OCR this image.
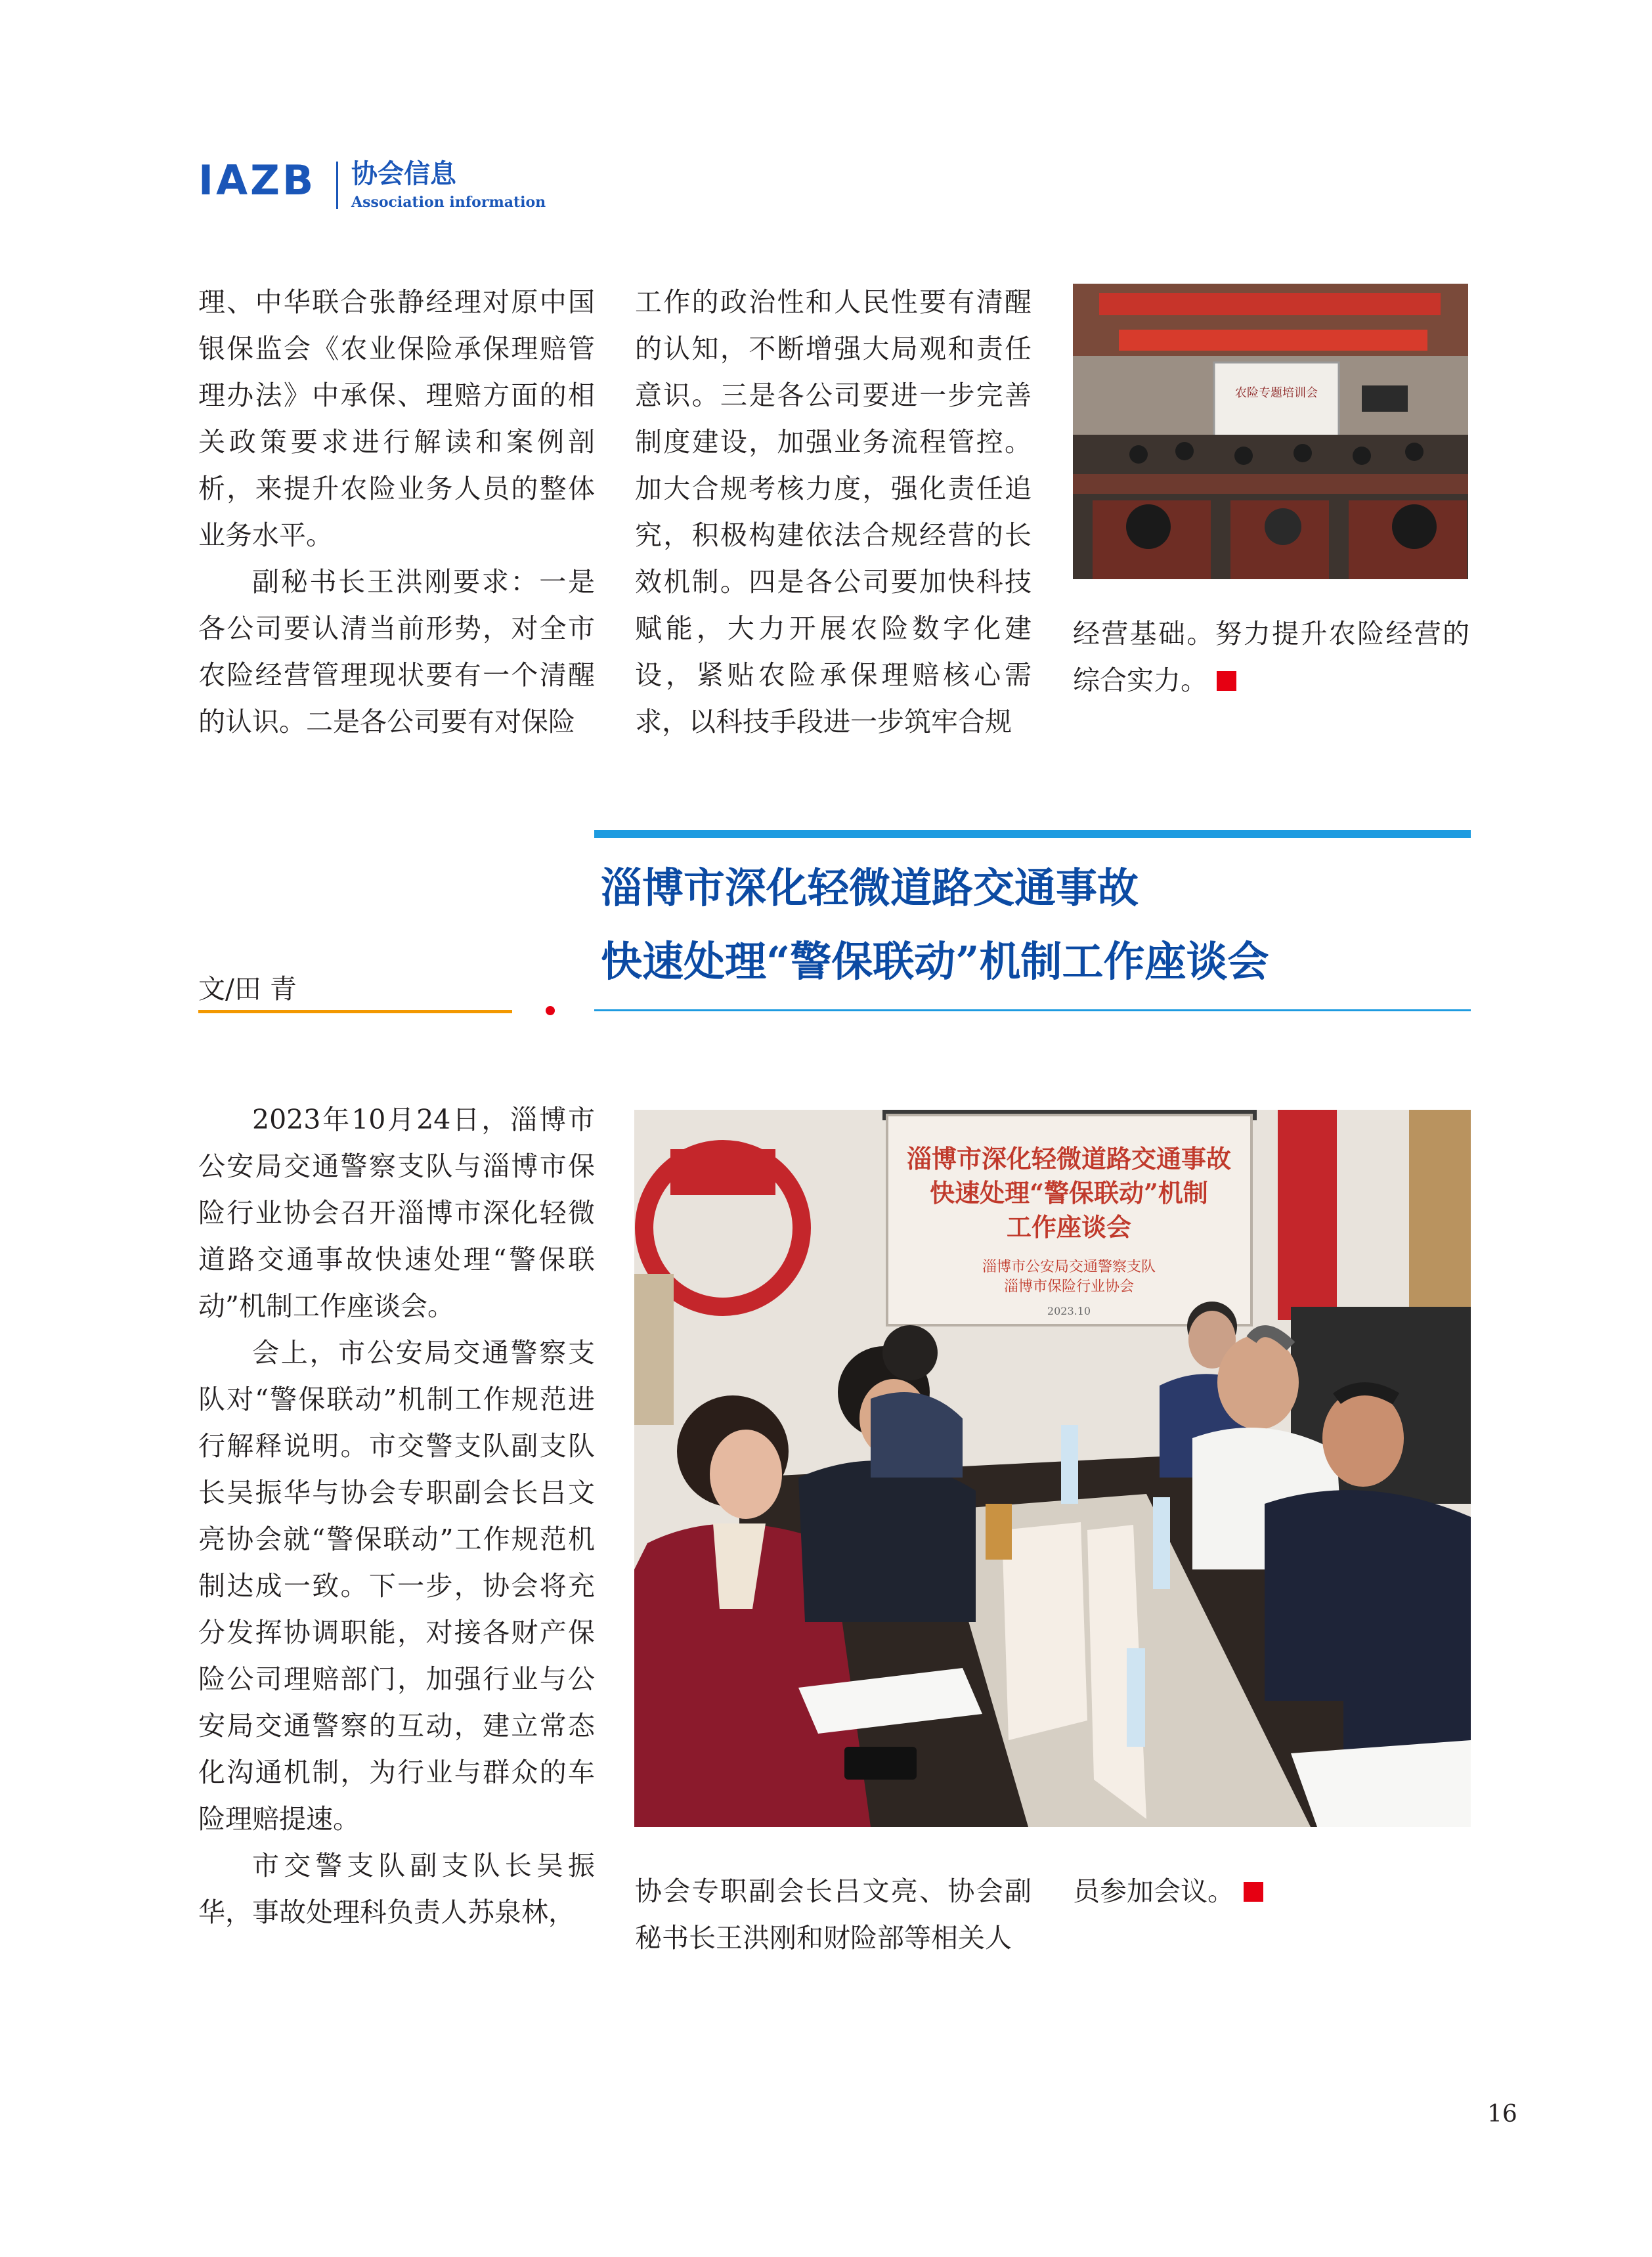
IAZB 协会信息
Association information

理、中华联合张静经理对原中国银保监会《农业保险承保理赔管理办法》中承保、理赔方面的相关政策要求进行解读和案例剖析，来提升农险业务人员的整体业务水平。

副秘书长王洪刚要求：一是各公司要认清当前形势，对全市农险经营管理现状要有一个清醒的认识。二是各公司要有对保险

工作的政治性和人民性要有清醒的认知，不断增强大局观和责任意识。三是各公司要进一步完善制度建设，加强业务流程管控。加大合规考核力度，强化责任追究，积极构建依法合规经营的长效机制。四是各公司要加快科技赋能，大力开展农险数字化建设，紧贴农险承保理赔核心需求，以科技手段进一步筑牢合规

农险专题培训会

经营基础。努力提升农险经营的综合实力。

淄博市深化轻微道路交通事故
快速处理“警保联动”机制工作座谈会
文/田 青

2023年10月24日，淄博市公安局交通警察支队与淄博市保险行业协会召开淄博市深化轻微道路交通事故快速处理“警保联动”机制工作座谈会。

会上，市公安局交通警察支队对“警保联动”机制工作规范进行解释说明。市交警支队副支队长吴振华与协会专职副会长吕文亮协会就“警保联动”工作规范机制达成一致。下一步，协会将充分发挥协调职能，对接各财产保险公司理赔部门，加强行业与公安局交通警察的互动，建立常态化沟通机制，为行业与群众的车险理赔提速。

市交警支队副支队长吴振华，事故处理科负责人苏泉林，

淄博市深化轻微道路交通事故
快速处理“警保联动”机制
工作座谈会
淄博市公安局交通警察支队
淄博市保险行业协会
2023.10

协会专职副会长吕文亮、协会副秘书长王洪刚和财险部等相关人

员参加会议。

16
